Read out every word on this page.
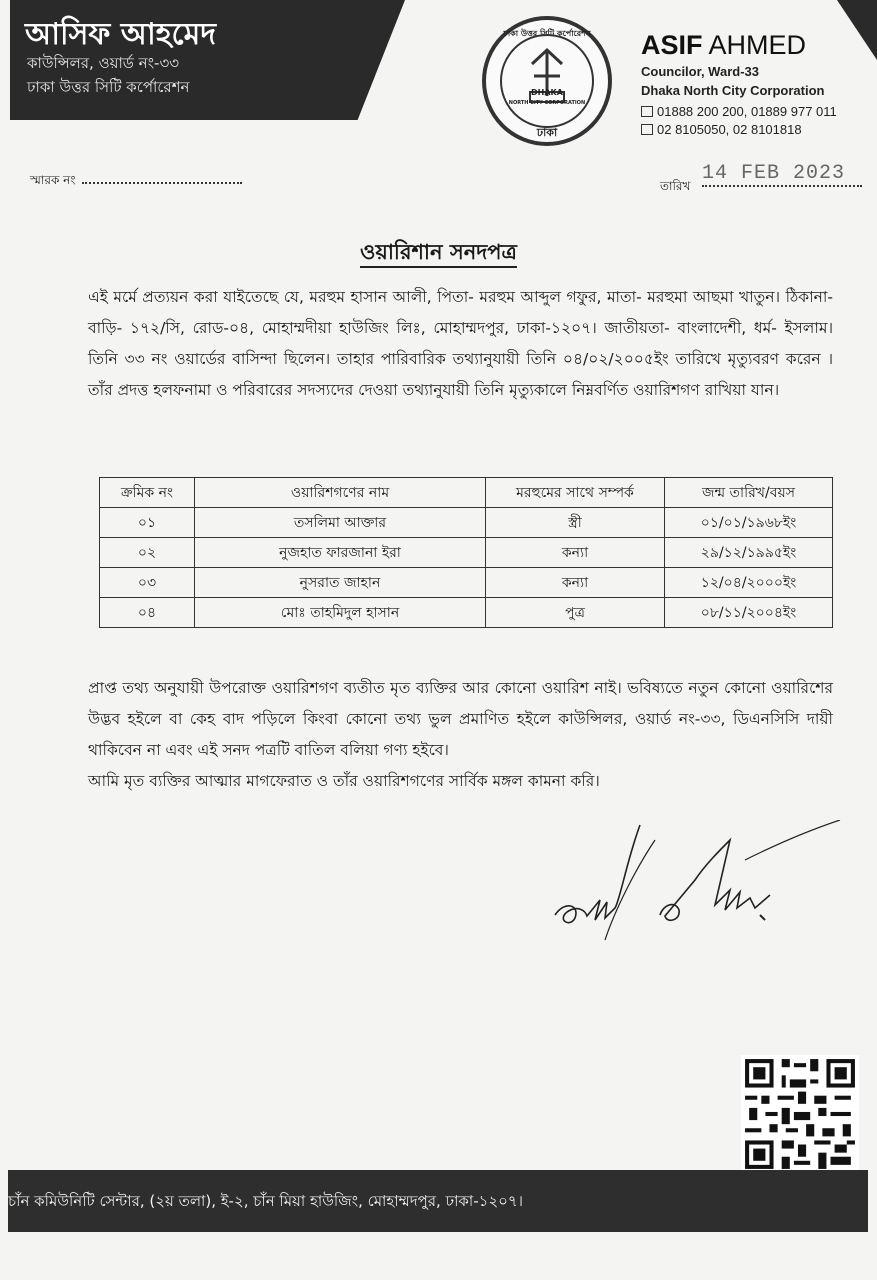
আসিফ আহমেদ
কাউন্সিলর, ওয়ার্ড নং-৩৩
ঢাকা উত্তর সিটি কর্পোরেশন
ঢাকা উত্তর সিটি কর্পোরেশন
DHAKA
NORTH CITY CORPORATION
ঢাকা
ASIF AHMED
Councilor, Ward-33
Dhaka North City Corporation
01888 200 200, 01889 977 011
02 8105050, 02 8101818
স্মারক নং	তারিখ
14 FEB 2023
ওয়ারিশান সনদপত্র
এই মর্মে প্রত্যয়ন করা যাইতেছে যে, মরহুম হাসান আলী, পিতা- মরহুম আব্দুল গফুর, মাতা- মরহুমা আছমা খাতুন। ঠিকানা- বাড়ি- ১৭২/সি, রোড-০৪, মোহাম্মদীয়া হাউজিং লিঃ, মোহাম্মদপুর, ঢাকা-১২০৭। জাতীয়তা- বাংলাদেশী, ধর্ম- ইসলাম। তিনি ৩৩ নং ওয়ার্ডের বাসিন্দা ছিলেন। তাহার পারিবারিক তথ্যানুযায়ী তিনি ০৪/০২/২০০৫ইং তারিখে মৃত্যুবরণ করেন । তাঁর প্রদত্ত হলফনামা ও পরিবারের সদস্যদের দেওয়া তথ্যানুযায়ী তিনি মৃত্যুকালে নিম্নবর্ণিত ওয়ারিশগণ রাখিয়া যান।
ক্রমিক নং	ওয়ারিশগণের নাম	মরহুমের সাথে সম্পর্ক	জন্ম তারিখ/বয়স
০১	তসলিমা আক্তার	স্ত্রী	০১/০১/১৯৬৮ইং
০২	নুজহাত ফারজানা ইরা	কন্যা	২৯/১২/১৯৯৫ইং
০৩	নুসরাত জাহান	কন্যা	১২/০৪/২০০০ইং
০৪	মোঃ তাহমিদুল হাসান	পুত্র	০৮/১১/২০০৪ইং
প্রাপ্ত তথ্য অনুযায়ী উপরোক্ত ওয়ারিশগণ ব্যতীত মৃত ব্যক্তির আর কোনো ওয়ারিশ নাই। ভবিষ্যতে নতুন কোনো ওয়ারিশের উদ্ভব হইলে বা কেহ বাদ পড়িলে কিংবা কোনো তথ্য ভুল প্রমাণিত হইলে কাউন্সিলর, ওয়ার্ড নং-৩৩, ডিএনসিসি দায়ী থাকিবেন না এবং এই সনদ পত্রটি বাতিল বলিয়া গণ্য হইবে।
আমি মৃত ব্যক্তির আত্মার মাগফেরাত ও তাঁর ওয়ারিশগণের সার্বিক মঙ্গল কামনা করি।
চাঁন কমিউনিটি সেন্টার, (২য় তলা), ই-২, চাঁন মিয়া হাউজিং, মোহাম্মদপুর, ঢাকা-১২০৭।
